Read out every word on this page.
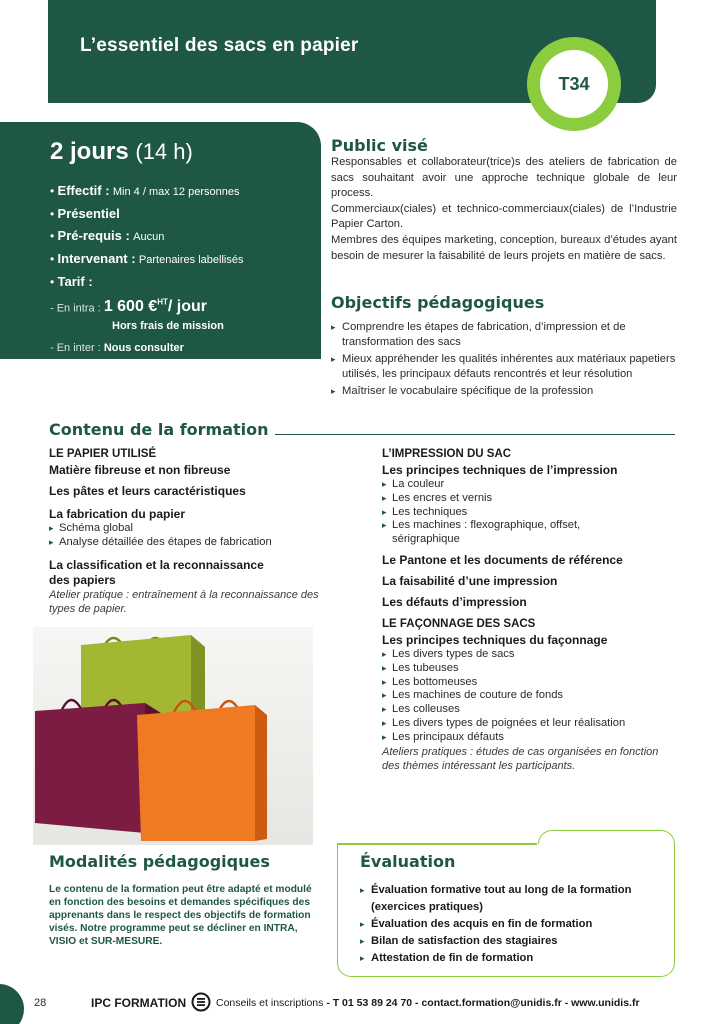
L’essentiel des sacs en papier
T34
2 jours (14 h)
• Effectif : Min 4 / max 12 personnes
• Présentiel
• Pré-requis : Aucun
• Intervenant : Partenaires labellisés
• Tarif :
- En intra : 1 600 €$^{HT}$/ jour
Hors frais de mission
- En inter : Nous consulter
Public visé

Responsables et collaborateur(trice)s des ateliers de fabrication de sacs souhaitant avoir une approche technique globale de leur process.

Commerciaux(ciales) et technico-commerciaux(ciales) de l’Industrie Papier Carton.

Membres des équipes marketing, conception, bureaux d’études ayant besoin de mesurer la faisabilité de leurs projets en matière de sacs.

Objectifs pédagogiques
▸ Comprendre les étapes de fabrication, d’impression et de transformation des sacs
▸ Mieux appréhender les qualités inhérentes aux matériaux papetiers utilisés, les principaux défauts rencontrés et leur résolution
▸ Maîtriser le vocabulaire spécifique de la profession
Contenu de la formation
LE PAPIER UTILISÉ
Matière fibreuse et non fibreuse
Les pâtes et leurs caractéristiques
La fabrication du papier
▸ Schéma global
▸ Analyse détaillée des étapes de fabrication
La classification et la reconnaissance
des papiers
Atelier pratique : entraînement à la reconnaissance des types de papier.
L’IMPRESSION DU SAC
Les principes techniques de l’impression
▸ La couleur
▸ Les encres et vernis
▸ Les techniques
▸ Les machines : flexographique, offset, sérigraphique
Le Pantone et les documents de référence
La faisabilité d’une impression
Les défauts d’impression
LE FAÇONNAGE DES SACS
Les principes techniques du façonnage
▸ Les divers types de sacs
▸ Les tubeuses
▸ Les bottomeuses
▸ Les machines de couture de fonds
▸ Les colleuses
▸ Les divers types de poignées et leur réalisation
▸ Les principaux défauts
Ateliers pratiques : études de cas organisées en fonction des thèmes intéressant les participants.
Modalités pédagogiques
Le contenu de la formation peut être adapté et modulé en fonction des besoins et demandes spécifiques des apprenants dans le respect des objectifs de formation visés. Notre programme peut se décliner en INTRA, VISIO et SUR-MESURE.
Évaluation
▸ Évaluation formative tout au long de la formation (exercices pratiques)
▸ Évaluation des acquis en fin de formation
▸ Bilan de satisfaction des stagiaires
▸ Attestation de fin de formation
28	IPC FORMATION	Conseils et inscriptions - T 01 53 89 24 70 - contact.formation@unidis.fr - www.unidis.fr
